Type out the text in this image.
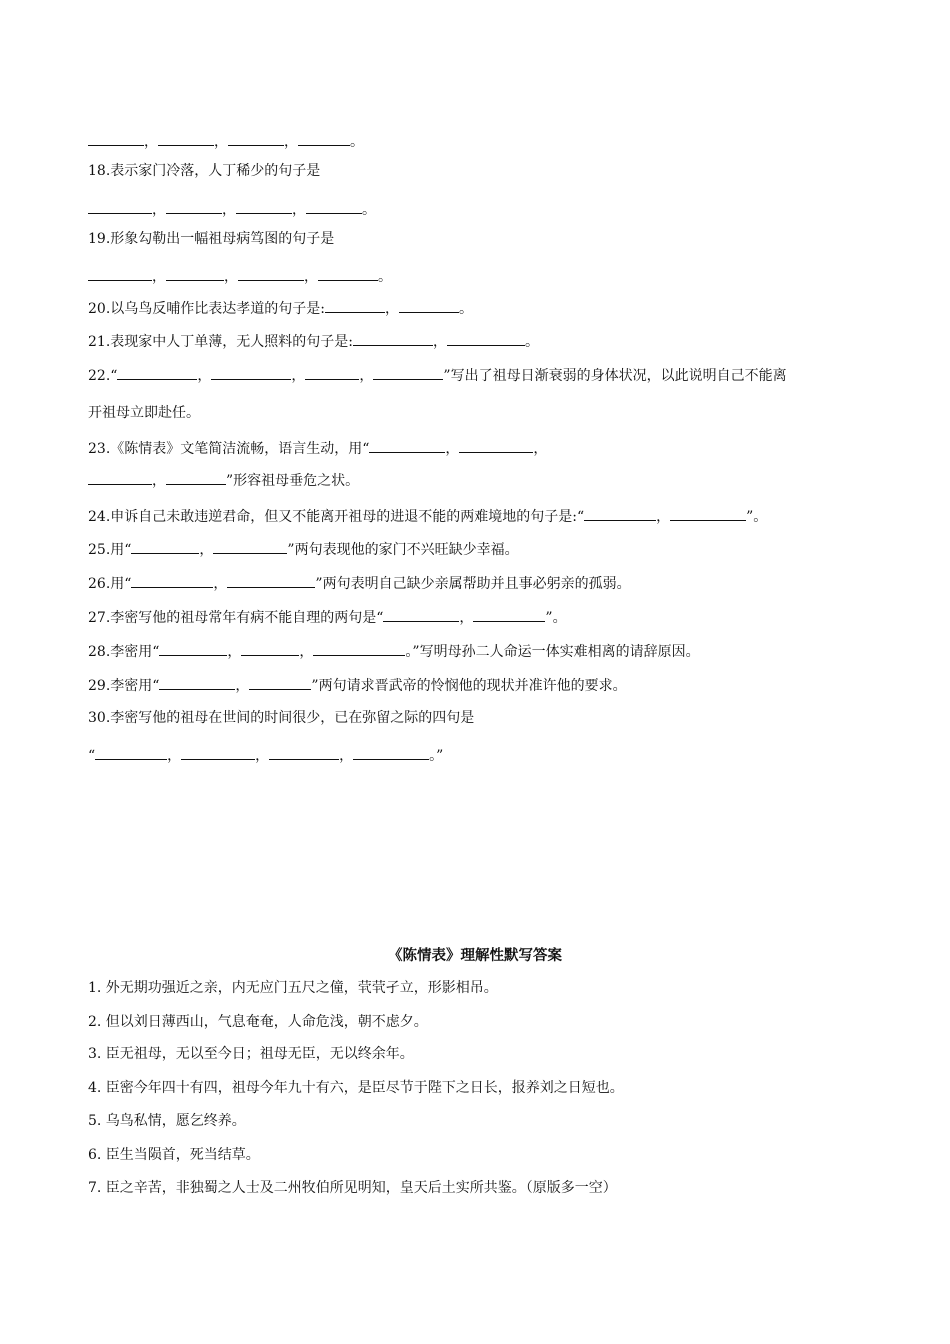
，	，	，	。
18.表示家门冷落，人丁稀少的句子是
，	，	，	。
19.形象勾勒出一幅祖母病笃图的句子是
，	，	，	。
20.以乌鸟反哺作比表达孝道的句子是:	，	。
21.表现家中人丁单薄，无人照料的句子是:	，	。
22.“	，	，	，	”写出了祖母日渐衰弱的身体状况，以此说明自己不能离
开祖母立即赴任。
23.《陈情表》文笔简洁流畅，语言生动，用“	，	，
，	”形容祖母垂危之状。
24.申诉自己未敢违逆君命，但又不能离开祖母的进退不能的两难境地的句子是:“	，	”。
25.用“	，	”两句表现他的家门不兴旺缺少幸福。
26.用“	，	”两句表明自己缺少亲属帮助并且事必躬亲的孤弱。
27.李密写他的祖母常年有病不能自理的两句是“	，	”。
28.李密用“	，	，	。”写明母孙二人命运一体实难相离的请辞原因。
29.李密用“	，	”两句请求晋武帝的怜悯他的现状并准许他的要求。
30.李密写他的祖母在世间的时间很少，已在弥留之际的四句是
“	，	，	，	。”
《陈情表》理解性默写答案
1. 外无期功强近之亲，内无应门五尺之僮，茕茕孑立，形影相吊。
2. 但以刘日薄西山，气息奄奄，人命危浅，朝不虑夕。
3. 臣无祖母，无以至今日；祖母无臣，无以终余年。
4. 臣密今年四十有四，祖母今年九十有六，是臣尽节于陛下之日长，报养刘之日短也。
5. 乌鸟私情，愿乞终养。
6. 臣生当陨首，死当结草。
7. 臣之辛苦，非独蜀之人士及二州牧伯所见明知，皇天后土实所共鉴。（原版多一空）
